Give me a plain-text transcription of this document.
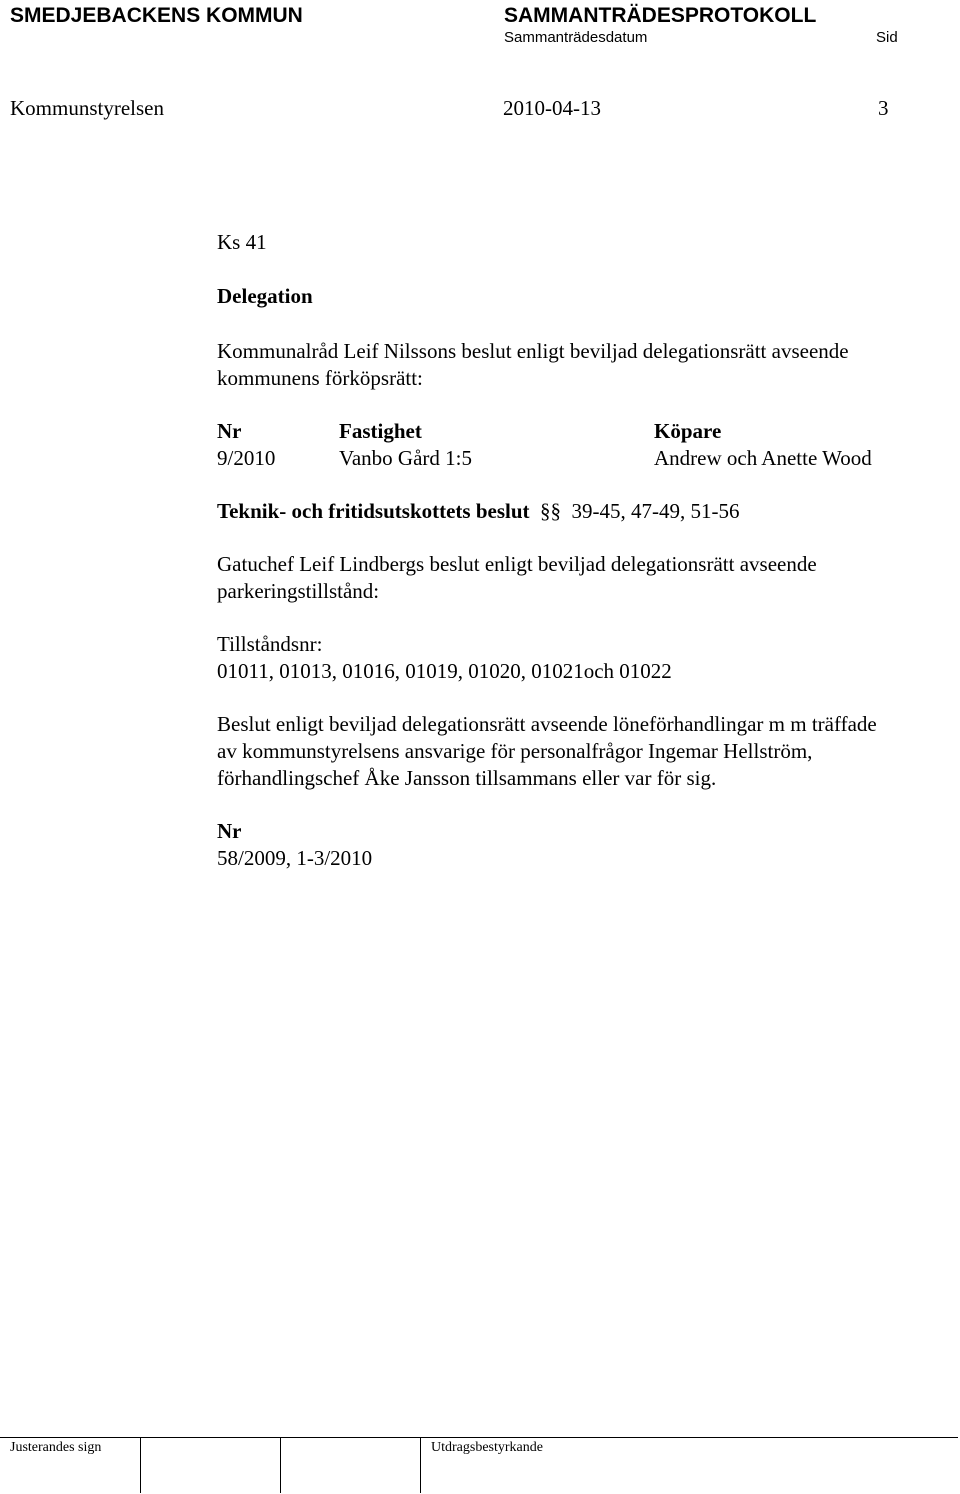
SMEDJEBACKENS KOMMUN	SAMMANTRÄDESPROTOKOLL
Sammanträdesdatum	Sid
Kommunstyrelsen	2010-04-13	3
Ks 41
Delegation
Kommunalråd Leif Nilssons beslut enligt beviljad delegationsrätt avseende
kommunens förköpsrätt:
Nr	Fastighet	Köpare
9/2010	Vanbo Gård 1:5	Andrew och Anette Wood
Teknik- och fritidsutskottets beslut  §§  39-45, 47-49, 51-56
Gatuchef Leif Lindbergs beslut enligt beviljad delegationsrätt avseende
parkeringstillstånd:
Tillståndsnr:
01011, 01013, 01016, 01019, 01020, 01021och 01022
Beslut enligt beviljad delegationsrätt avseende löneförhandlingar m m träffade
av kommunstyrelsens ansvarige för personalfrågor Ingemar Hellström,
förhandlingschef Åke Jansson tillsammans eller var för sig.
Nr
58/2009, 1-3/2010
Justerandes sign	Utdragsbestyrkande
